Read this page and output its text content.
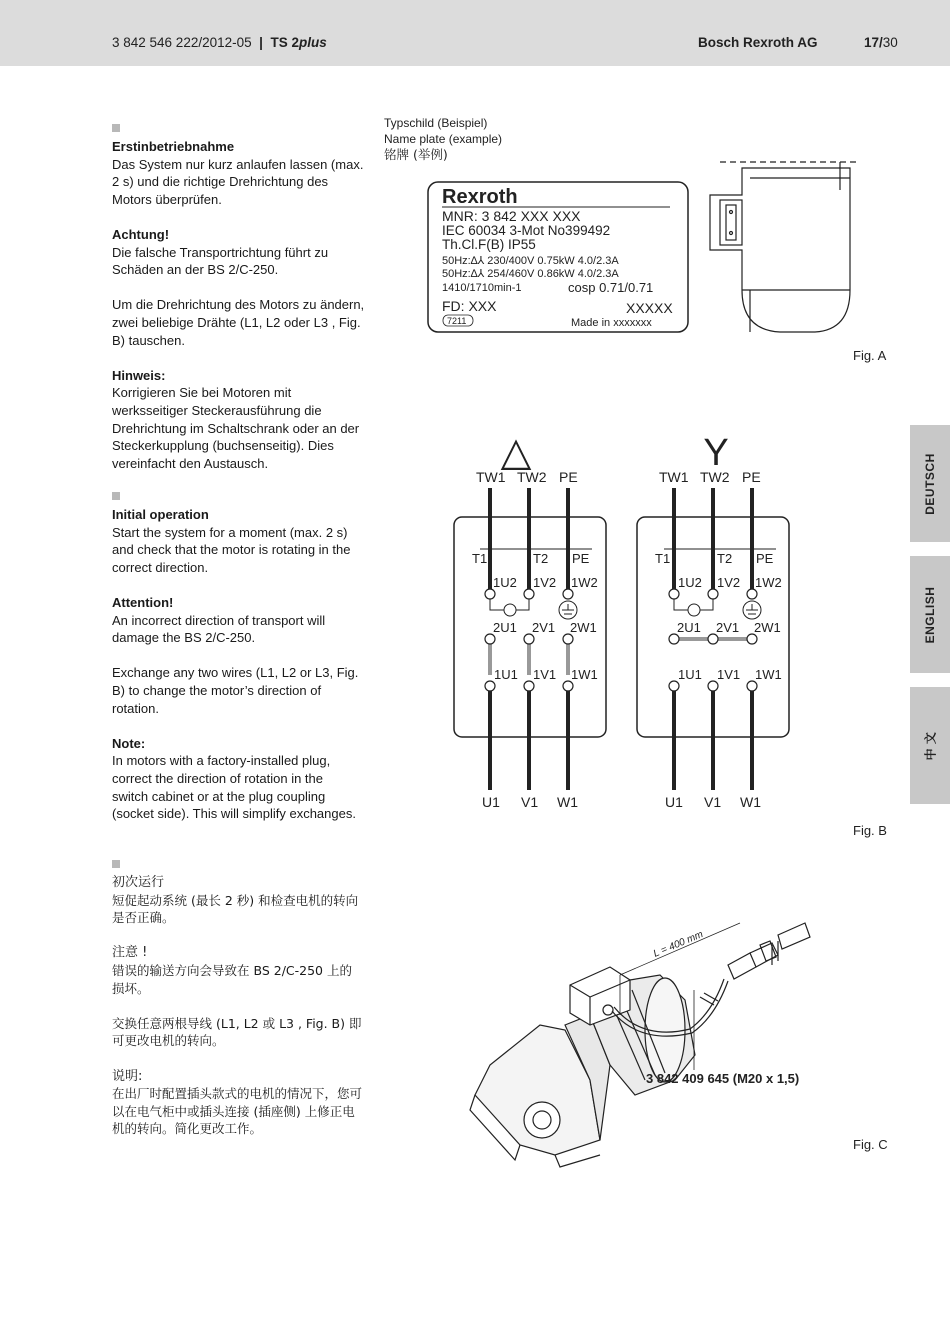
3 842 546 222/2012-05 | TS 2plus	Bosch Rexroth AG	17/30
DEUTSCH
ENGLISH
中 文
Erstinbetriebnahme

Das System nur kurz anlaufen lassen (max. 2 s) und die richtige Drehrichtung des Motors überprüfen.

Achtung!

Die falsche Transportrichtung führt zu Schäden an der BS 2/C-250.

Um die Drehrichtung des Motors zu ändern, zwei beliebige Drähte (L1, L2 oder L3 , Fig. B) tauschen.

Hinweis:

Korrigieren Sie bei Motoren mit werksseitiger Steckerausführung die Drehrichtung im Schaltschrank oder an der Steckerkupplung (buchsenseitig). Dies vereinfacht den Austausch.

Initial operation

Start the system for a moment (max. 2 s) and check that the motor is rotating in the correct direction.

Attention!

An incorrect direction of transport will damage the BS 2/C-250.

Exchange any two wires (L1, L2 or L3, Fig. B) to change the motor’s direction of rotation.

Note:

In motors with a factory-installed plug, correct the direction of rotation in the switch cabinet or at the plug coupling (socket side). This will simplify exchanges.

初次运行

短促起动系统 (最长 2 秒) 和检查电机的转向是否正确。

注意 !

错误的输送方向会导致在 BS 2/C-250 上的损坏。

交换任意两根导线 (L1, L2 或 L3 , Fig. B) 即可更改电机的转向。

说明:

在出厂时配置插头款式的电机的情况下，您可以在电气柜中或插头连接 (插座侧) 上修正电机的转向。简化更改工作。

Typschild (Beispiel)
Name plate (example)
铭牌 (举例)
Rexroth
MNR: 3 842 XXX XXX
IEC 60034 3-Mot No399492
Th.Cl.F(B) IP55
50Hz:∆⅄ 230/400V 0.75kW 4.0/2.3A
50Hz:∆⅄ 254/460V 0.86kW 4.0/2.3A
1410/1710min-1	cosp 0.71/0.71
FD: XXX	XXXXX
7211	Made in xxxxxxx
Fig. A
△
TW1 TW2 PE
T1	T2 PE
1U2 1V2 1W2
2U1 2V1 2W1
1U1 1V1 1W1
U1 V1 W1
Y
TW1 TW2 PE
T1	T2 PE
1U2 1V2 1W2
2U1 2V1 2W1
1U1 1V1 1W1
U1 V1 W1
Fig. B
L = 400 mm
3 842 409 645 (M20 x 1,5)
Fig. C
